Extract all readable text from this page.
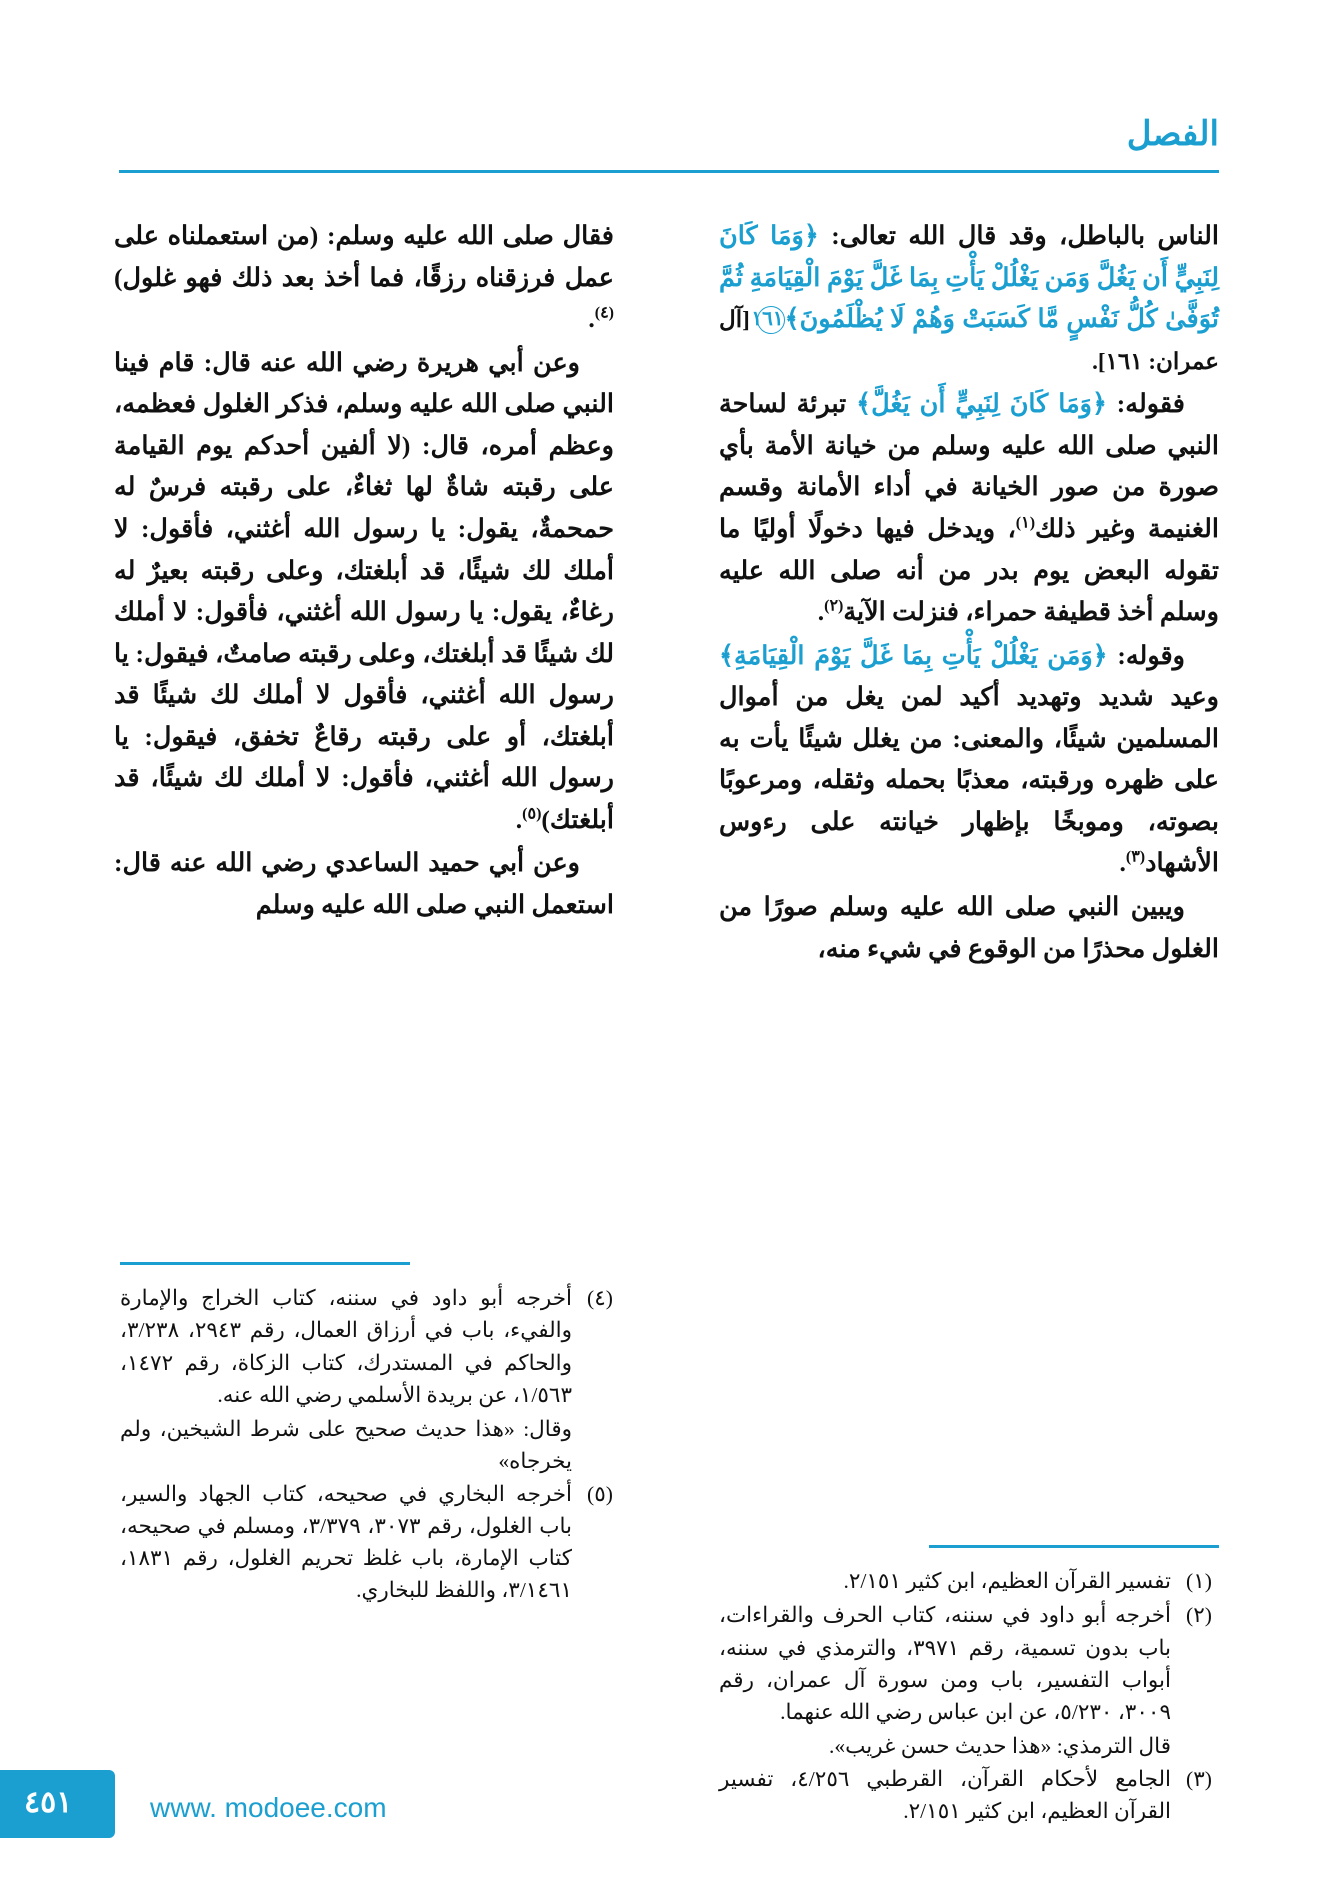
الفصل

الناس بالباطل، وقد قال الله تعالى: ﴿وَمَا كَانَ لِنَبِيٍّ أَن يَغُلَّ وَمَن يَغْلُلْ يَأْتِ بِمَا غَلَّ يَوْمَ الْقِيَامَةِ ثُمَّ تُوَفَّىٰ كُلُّ نَفْسٍ مَّا كَسَبَتْ وَهُمْ لَا يُظْلَمُونَ﴾١٦١ [آل عمران: ١٦١].

فقوله: ﴿وَمَا كَانَ لِنَبِيٍّ أَن يَغُلَّ﴾ تبرئة لساحة النبي صلى الله عليه وسلم من خيانة الأمة بأي صورة من صور الخيانة في أداء الأمانة وقسم الغنيمة وغير ذلك$^{(١)}$، ويدخل فيها دخولًا أوليًا ما تقوله البعض يوم بدر من أنه صلى الله عليه وسلم أخذ قطيفة حمراء، فنزلت الآية$^{(٢)}$.

وقوله: ﴿وَمَن يَغْلُلْ يَأْتِ بِمَا غَلَّ يَوْمَ الْقِيَامَةِ﴾ وعيد شديد وتهديد أكيد لمن يغل من أموال المسلمين شيئًا، والمعنى: من يغلل شيئًا يأت به على ظهره ورقبته، معذبًا بحمله وثقله، ومرعوبًا بصوته، وموبخًا بإظهار خيانته على رءوس الأشهاد$^{(٣)}$.

ويبين النبي صلى الله عليه وسلم صورًا من الغلول محذرًا من الوقوع في شيء منه،

فقال صلى الله عليه وسلم: (من استعملناه على عمل فرزقناه رزقًا، فما أخذ بعد ذلك فهو غلول)$^{(٤)}$.

وعن أبي هريرة رضي الله عنه قال: قام فينا النبي صلى الله عليه وسلم، فذكر الغلول فعظمه، وعظم أمره، قال: (لا ألفين أحدكم يوم القيامة على رقبته شاةٌ لها ثغاءٌ، على رقبته فرسٌ له حمحمةٌ، يقول: يا رسول الله أغثني، فأقول: لا أملك لك شيئًا، قد أبلغتك، وعلى رقبته بعيرٌ له رغاءٌ، يقول: يا رسول الله أغثني، فأقول: لا أملك لك شيئًا قد أبلغتك، وعلى رقبته صامتٌ، فيقول: يا رسول الله أغثني، فأقول لا أملك لك شيئًا قد أبلغتك، أو على رقبته رقاعٌ تخفق، فيقول: يا رسول الله أغثني، فأقول: لا أملك لك شيئًا، قد أبلغتك)$^{(٥)}$.

وعن أبي حميد الساعدي رضي الله عنه قال: استعمل النبي صلى الله عليه وسلم

(١)
تفسير القرآن العظيم، ابن كثير ٢/١٥١.
(٢)
أخرجه أبو داود في سننه، كتاب الحرف والقراءات، باب بدون تسمية، رقم ٣٩٧١، والترمذي في سننه، أبواب التفسير، باب ومن سورة آل عمران، رقم ٣٠٠٩، ٥/٢٣٠، عن ابن عباس رضي الله عنهما.
قال الترمذي: «هذا حديث حسن غريب».
(٣)
الجامع لأحكام القرآن، القرطبي ٤/٢٥٦، تفسير القرآن العظيم، ابن كثير ٢/١٥١.
(٤)
أخرجه أبو داود في سننه، كتاب الخراج والإمارة والفيء، باب في أرزاق العمال، رقم ٢٩٤٣، ٣/٢٣٨، والحاكم في المستدرك، كتاب الزكاة، رقم ١٤٧٢، ١/٥٦٣، عن بريدة الأسلمي رضي الله عنه.
وقال: «هذا حديث صحيح على شرط الشيخين، ولم يخرجاه»
(٥)
أخرجه البخاري في صحيحه، كتاب الجهاد والسير، باب الغلول، رقم ٣٠٧٣، ٣/٣٧٩، ومسلم في صحيحه، كتاب الإمارة، باب غلظ تحريم الغلول، رقم ١٨٣١، ٣/١٤٦١، واللفظ للبخاري.
٤٥١	www. modoee.com
